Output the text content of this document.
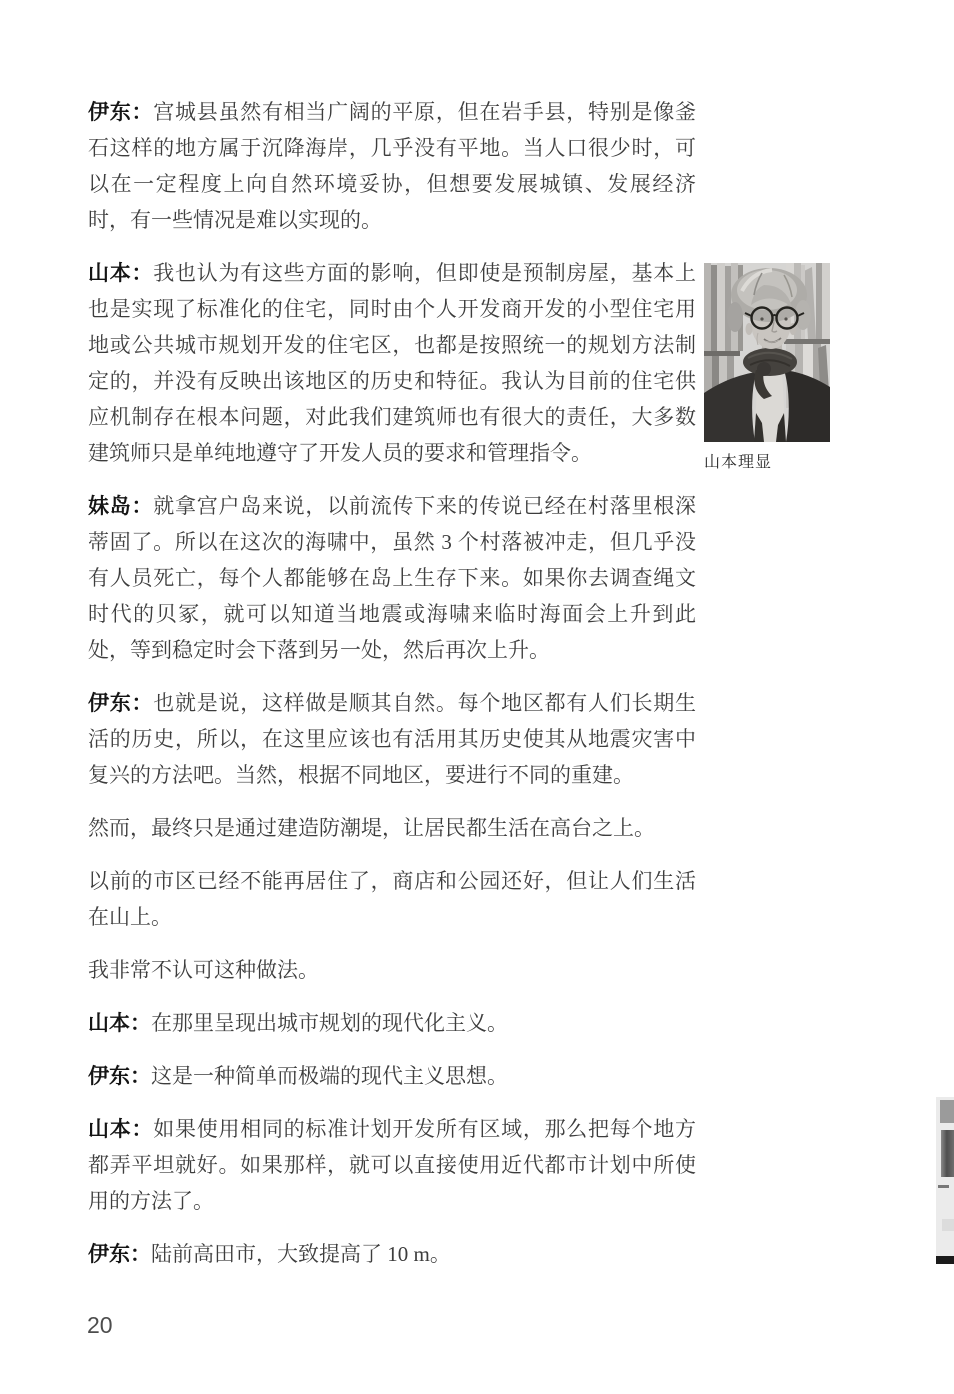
伊东：宫城县虽然有相当广阔的平原，但在岩手县，特别是像釜石这样的地方属于沉降海岸，几乎没有平地。当人口很少时，可以在一定程度上向自然环境妥协，但想要发展城镇、发展经济时，有一些情况是难以实现的。

山本：我也认为有这些方面的影响，但即使是预制房屋，基本上也是实现了标准化的住宅，同时由个人开发商开发的小型住宅用地或公共城市规划开发的住宅区，也都是按照统一的规划方法制定的，并没有反映出该地区的历史和特征。我认为目前的住宅供应机制存在根本问题，对此我们建筑师也有很大的责任，大多数建筑师只是单纯地遵守了开发人员的要求和管理指令。

妹岛：就拿宫户岛来说，以前流传下来的传说已经在村落里根深蒂固了。所以在这次的海啸中，虽然 3 个村落被冲走，但几乎没有人员死亡，每个人都能够在岛上生存下来。如果你去调查绳文时代的贝冢，就可以知道当地震或海啸来临时海面会上升到此处，等到稳定时会下落到另一处，然后再次上升。

伊东：也就是说，这样做是顺其自然。每个地区都有人们长期生活的历史，所以，在这里应该也有活用其历史使其从地震灾害中复兴的方法吧。当然，根据不同地区，要进行不同的重建。

然而，最终只是通过建造防潮堤，让居民都生活在高台之上。

以前的市区已经不能再居住了，商店和公园还好，但让人们生活在山上。

我非常不认可这种做法。

山本：在那里呈现出城市规划的现代化主义。

伊东：这是一种简单而极端的现代主义思想。

山本：如果使用相同的标准计划开发所有区域，那么把每个地方都弄平坦就好。如果那样，就可以直接使用近代都市计划中所使用的方法了。

伊东：陆前高田市，大致提高了 10 m。

山本理显
20
